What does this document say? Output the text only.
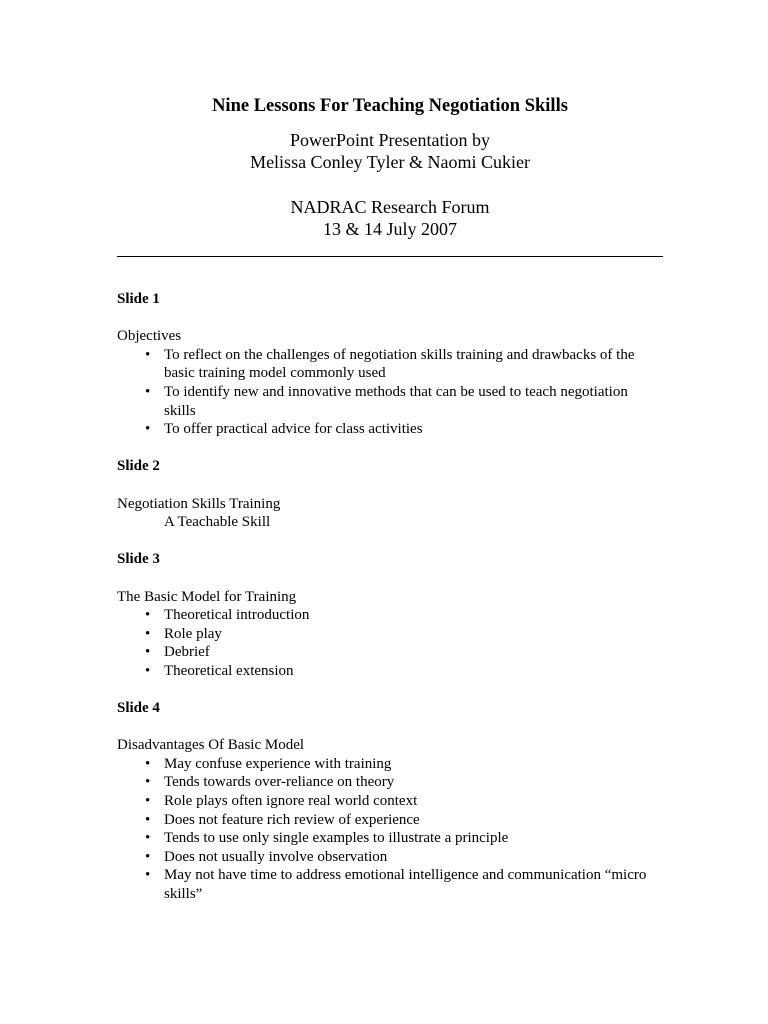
Nine Lessons For Teaching Negotiation Skills

PowerPoint Presentation by

Melissa Conley Tyler & Naomi Cukier

NADRAC Research Forum

13 & 14 July 2007

Slide 1

Objectives

• To reflect on the challenges of negotiation skills training and drawbacks of the basic training model commonly used
• To identify new and innovative methods that can be used to teach negotiation skills
• To offer practical advice for class activities

Slide 2

Negotiation Skills Training

A Teachable Skill

Slide 3

The Basic Model for Training

• Theoretical introduction
• Role play
• Debrief
• Theoretical extension

Slide 4

Disadvantages Of Basic Model

• May confuse experience with training
• Tends towards over-reliance on theory
• Role plays often ignore real world context
• Does not feature rich review of experience
• Tends to use only single examples to illustrate a principle
• Does not usually involve observation
• May not have time to address emotional intelligence and communication “micro skills”
